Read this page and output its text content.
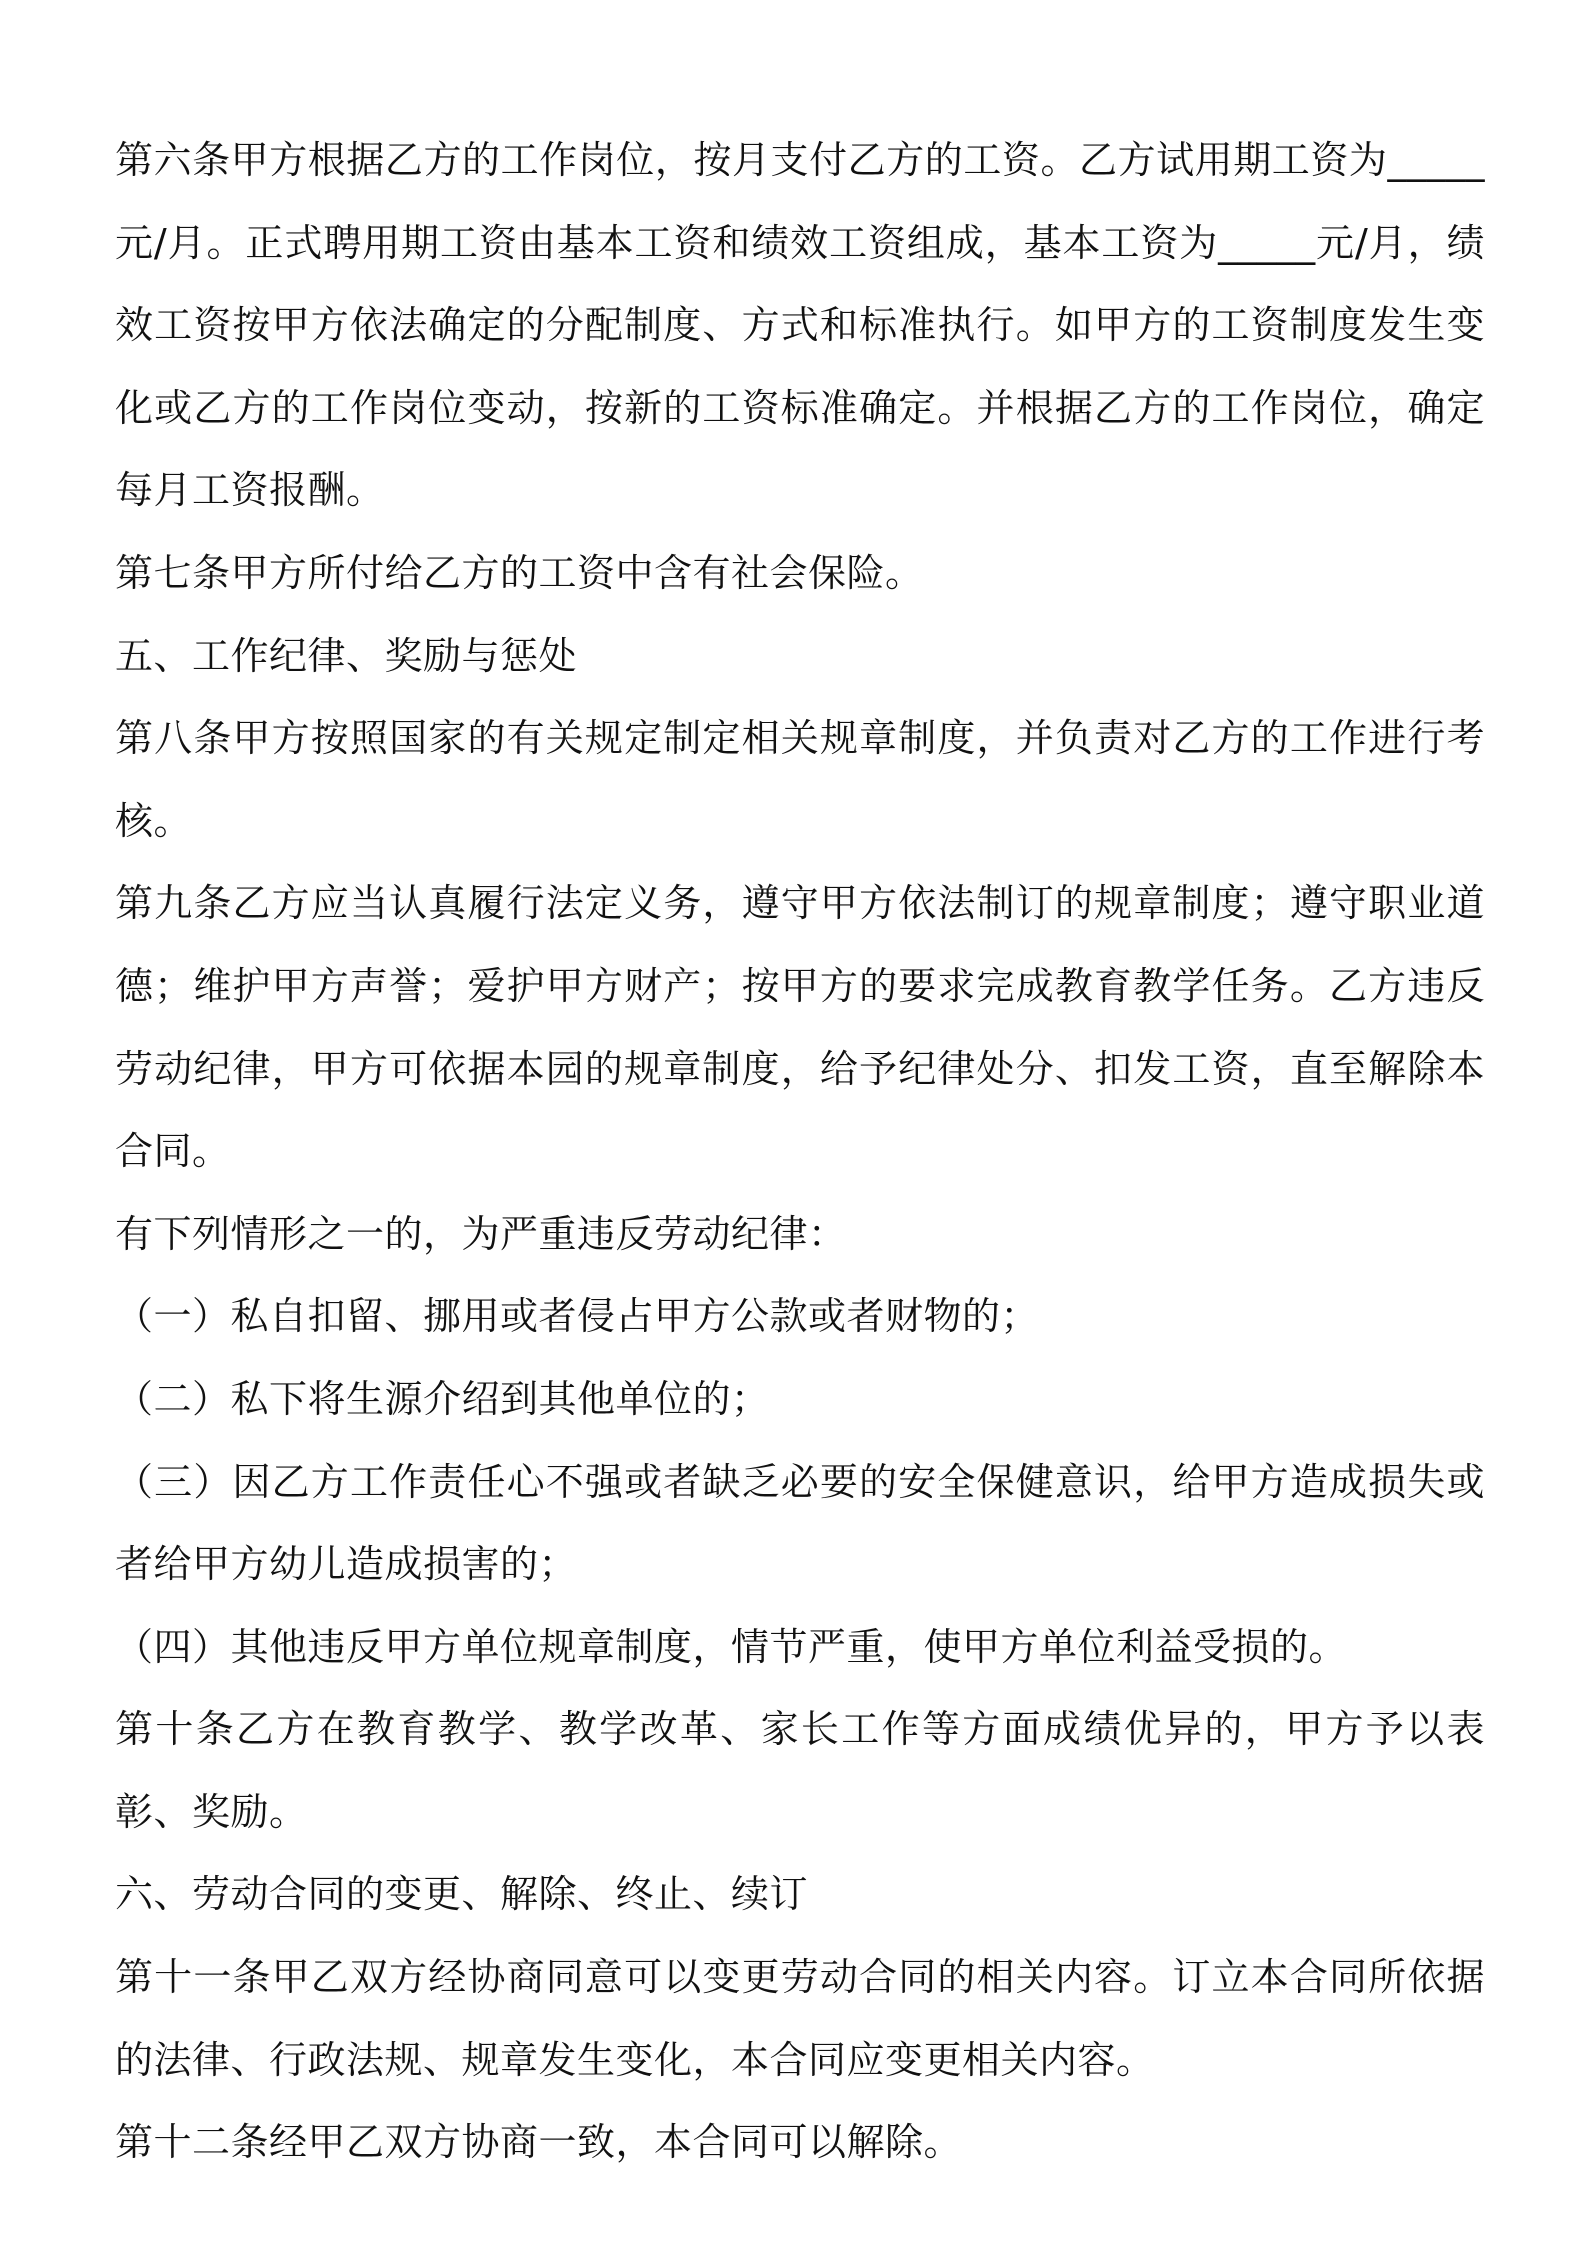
第六条甲方根据乙方的工作岗位，按月支付乙方的工资。乙方试用期工资为_____元/月。正式聘用期工资由基本工资和绩效工资组成，基本工资为_____元/月，绩效工资按甲方依法确定的分配制度、方式和标准执行。如甲方的工资制度发生变化或乙方的工作岗位变动，按新的工资标准确定。并根据乙方的工作岗位，确定每月工资报酬。

第七条甲方所付给乙方的工资中含有社会保险。

五、工作纪律、奖励与惩处

第八条甲方按照国家的有关规定制定相关规章制度，并负责对乙方的工作进行考核。

第九条乙方应当认真履行法定义务，遵守甲方依法制订的规章制度；遵守职业道德；维护甲方声誉；爱护甲方财产；按甲方的要求完成教育教学任务。乙方违反劳动纪律，甲方可依据本园的规章制度，给予纪律处分、扣发工资，直至解除本合同。

有下列情形之一的，为严重违反劳动纪律：

（一）私自扣留、挪用或者侵占甲方公款或者财物的；

（二）私下将生源介绍到其他单位的；

（三）因乙方工作责任心不强或者缺乏必要的安全保健意识，给甲方造成损失或者给甲方幼儿造成损害的；

（四）其他违反甲方单位规章制度，情节严重，使甲方单位利益受损的。

第十条乙方在教育教学、教学改革、家长工作等方面成绩优异的，甲方予以表彰、奖励。

六、劳动合同的变更、解除、终止、续订

第十一条甲乙双方经协商同意可以变更劳动合同的相关内容。订立本合同所依据的法律、行政法规、规章发生变化，本合同应变更相关内容。

第十二条经甲乙双方协商一致，本合同可以解除。
